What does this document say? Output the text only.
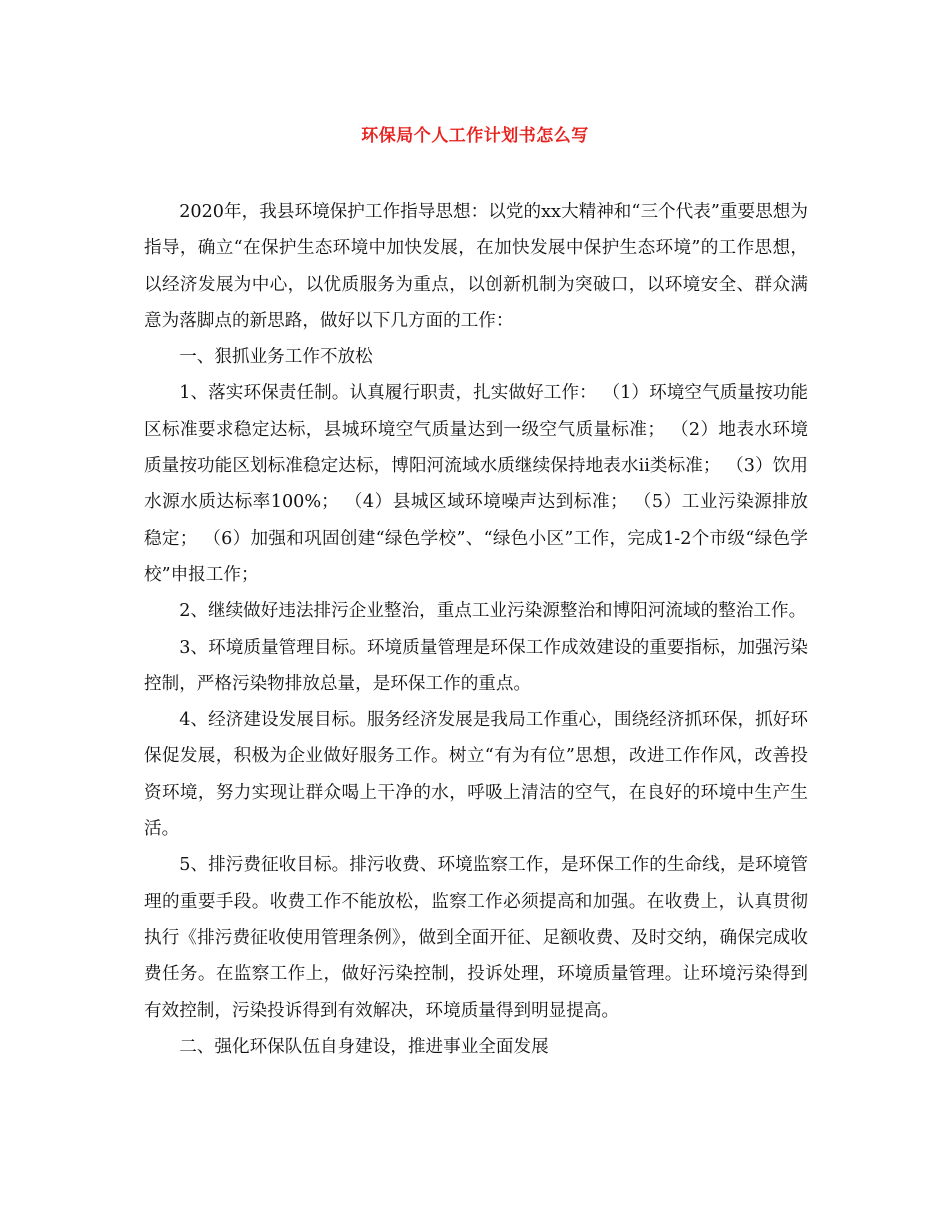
环保局个人工作计划书怎么写

2020年，我县环境保护工作指导思想：以党的xx大精神和“三个代表”重要思想为指导，确立“在保护生态环境中加快发展，在加快发展中保护生态环境”的工作思想，以经济发展为中心，以优质服务为重点，以创新机制为突破口，以环境安全、群众满意为落脚点的新思路，做好以下几方面的工作：

一、狠抓业务工作不放松

1、落实环保责任制。认真履行职责，扎实做好工作： （1）环境空气质量按功能区标准要求稳定达标，县城环境空气质量达到一级空气质量标准； （2）地表水环境质量按功能区划标准稳定达标，博阳河流域水质继续保持地表水ii类标准； （3）饮用水源水质达标率100%； （4）县城区域环境噪声达到标准； （5）工业污染源排放稳定； （6）加强和巩固创建“绿色学校”、“绿色小区”工作，完成1-2个市级“绿色学校”申报工作；

2、继续做好违法排污企业整治，重点工业污染源整治和博阳河流域的整治工作。

3、环境质量管理目标。环境质量管理是环保工作成效建设的重要指标，加强污染控制，严格污染物排放总量，是环保工作的重点。

4、经济建设发展目标。服务经济发展是我局工作重心，围绕经济抓环保，抓好环保促发展，积极为企业做好服务工作。树立“有为有位”思想，改进工作作风，改善投资环境，努力实现让群众喝上干净的水，呼吸上清洁的空气，在良好的环境中生产生活。

5、排污费征收目标。排污收费、环境监察工作，是环保工作的生命线，是环境管理的重要手段。收费工作不能放松，监察工作必须提高和加强。在收费上，认真贯彻执行《排污费征收使用管理条例》，做到全面开征、足额收费、及时交纳，确保完成收费任务。在监察工作上，做好污染控制，投诉处理，环境质量管理。让环境污染得到有效控制，污染投诉得到有效解决，环境质量得到明显提高。

二、强化环保队伍自身建设，推进事业全面发展
